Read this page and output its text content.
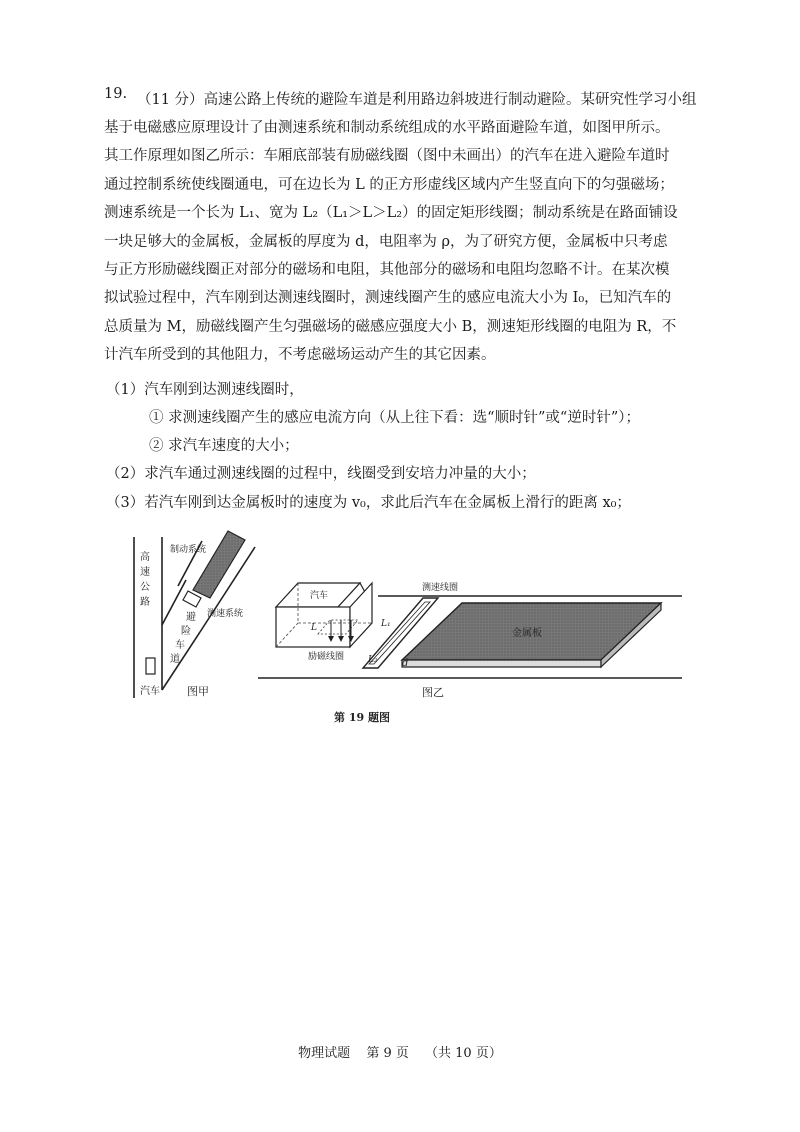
19. （11 分）高速公路上传统的避险车道是利用路边斜坡进行制动避险。某研究性学习小组

基于电磁感应原理设计了由测速系统和制动系统组成的水平路面避险车道，如图甲所示。

其工作原理如图乙所示：车厢底部装有励磁线圈（图中未画出）的汽车在进入避险车道时

通过控制系统使线圈通电，可在边长为 L 的正方形虚线区域内产生竖直向下的匀强磁场；

测速系统是一个长为 L₁、宽为 L₂（L₁＞L＞L₂）的固定矩形线圈；制动系统是在路面铺设

一块足够大的金属板，金属板的厚度为 d，电阻率为 ρ，为了研究方便，金属板中只考虑

与正方形励磁线圈正对部分的磁场和电阻，其他部分的磁场和电阻均忽略不计。在某次模

拟试验过程中，汽车刚到达测速线圈时，测速线圈产生的感应电流大小为 I₀，已知汽车的

总质量为 M，励磁线圈产生匀强磁场的磁感应强度大小 B，测速矩形线圈的电阻为 R，不

计汽车所受到的其他阻力，不考虑磁场运动产生的其它因素。

（1）汽车刚到达测速线圈时，
① 求测速线圈产生的感应电流方向（从上往下看：选“顺时针”或“逆时针”）；
② 求汽车速度的大小；
（2）求汽车通过测速线圈的过程中，线圈受到安培力冲量的大小；
（3）若汽车刚到达金属板时的速度为 v₀，求此后汽车在金属板上滑行的距离 x₀；
高
速
公
路
制动系统
测速系统
避
险
车
道
汽车 图甲
汽车
L
励磁线圈
L₁
L₂
测速线圈
金属板
d
图乙
第 19 题图
物理试题 第 9 页 （共 10 页）
